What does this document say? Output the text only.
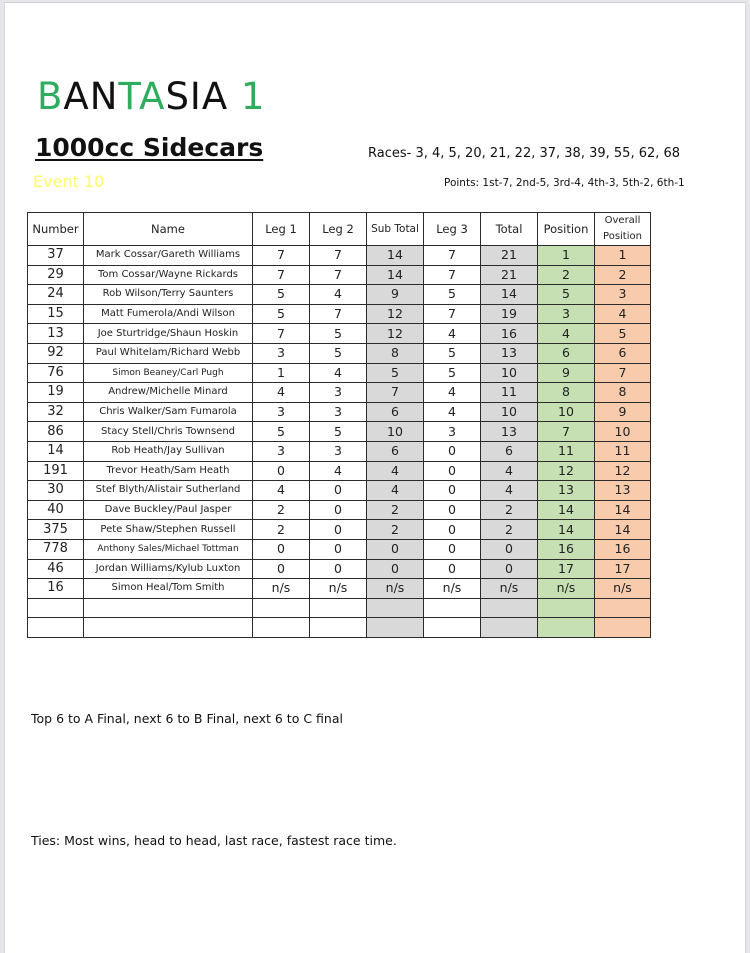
BANTASIA 1
1000cc Sidecars
Event 10
Races- 3, 4, 5, 20, 21, 22, 37, 38, 39, 55, 62, 68
Points: 1st-7, 2nd-5, 3rd-4, 4th-3, 5th-2, 6th-1
Number	Name	Leg 1	Leg 2	Sub Total	Leg 3	Total	Position	Overall
Position

37	Mark Cossar/Gareth Williams	7	7	14	7	21	1	1
29	Tom Cossar/Wayne Rickards	7	7	14	7	21	2	2
24	Rob Wilson/Terry Saunters	5	4	9	5	14	5	3
15	Matt Fumerola/Andi Wilson	5	7	12	7	19	3	4
13	Joe Sturtridge/Shaun Hoskin	7	5	12	4	16	4	5
92	Paul Whitelam/Richard Webb	3	5	8	5	13	6	6
76	Simon Beaney/Carl Pugh	1	4	5	5	10	9	7
19	Andrew/Michelle Minard	4	3	7	4	11	8	8
32	Chris Walker/Sam Fumarola	3	3	6	4	10	10	9
86	Stacy Stell/Chris Townsend	5	5	10	3	13	7	10
14	Rob Heath/Jay Sullivan	3	3	6	0	6	11	11
191	Trevor Heath/Sam Heath	0	4	4	0	4	12	12
30	Stef Blyth/Alistair Sutherland	4	0	4	0	4	13	13
40	Dave Buckley/Paul Jasper	2	0	2	0	2	14	14
375	Pete Shaw/Stephen Russell	2	0	2	0	2	14	14
778	Anthony Sales/Michael Tottman	0	0	0	0	0	16	16
46	Jordan Williams/Kylub Luxton	0	0	0	0	0	17	17
16	Simon Heal/Tom Smith	n/s	n/s	n/s	n/s	n/s	n/s	n/s

Top 6 to A Final, next 6 to B Final, next 6 to C final
Ties: Most wins, head to head, last race, fastest race time.
